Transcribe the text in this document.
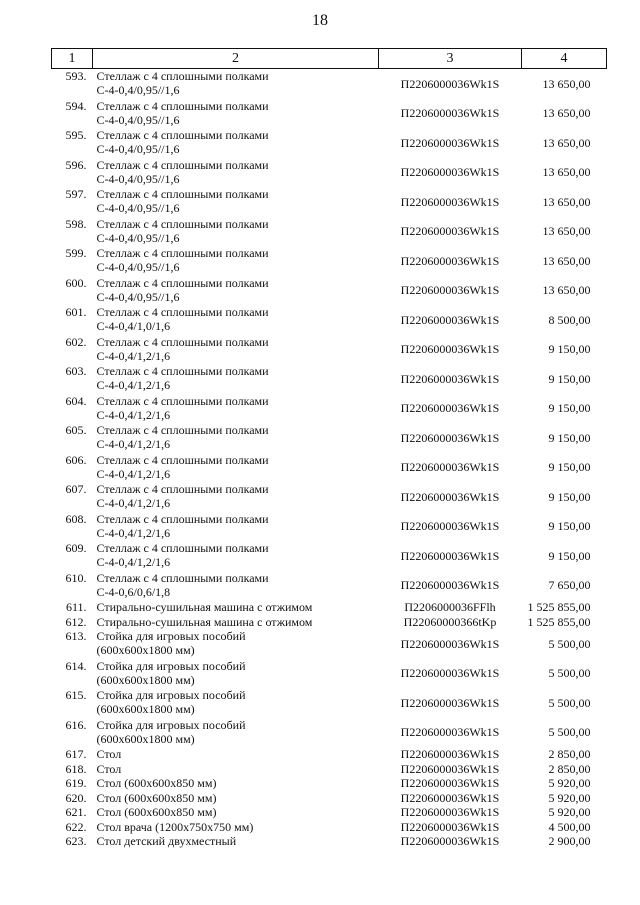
18
1	2	3	4
593.	Стеллаж с 4 сплошными полками
С-4-0,4/0,95//1,6	П2206000036Wk1S	13 650,00
594.	Стеллаж с 4 сплошными полками
С-4-0,4/0,95//1,6	П2206000036Wk1S	13 650,00
595.	Стеллаж с 4 сплошными полками
С-4-0,4/0,95//1,6	П2206000036Wk1S	13 650,00
596.	Стеллаж с 4 сплошными полками
С-4-0,4/0,95//1,6	П2206000036Wk1S	13 650,00
597.	Стеллаж с 4 сплошными полками
С-4-0,4/0,95//1,6	П2206000036Wk1S	13 650,00
598.	Стеллаж с 4 сплошными полками
С-4-0,4/0,95//1,6	П2206000036Wk1S	13 650,00
599.	Стеллаж с 4 сплошными полками
С-4-0,4/0,95//1,6	П2206000036Wk1S	13 650,00
600.	Стеллаж с 4 сплошными полками
С-4-0,4/0,95//1,6	П2206000036Wk1S	13 650,00
601.	Стеллаж с 4 сплошными полками
С-4-0,4/1,0/1,6	П2206000036Wk1S	8 500,00
602.	Стеллаж с 4 сплошными полками
С-4-0,4/1,2/1,6	П2206000036Wk1S	9 150,00
603.	Стеллаж с 4 сплошными полками
С-4-0,4/1,2/1,6	П2206000036Wk1S	9 150,00
604.	Стеллаж с 4 сплошными полками
С-4-0,4/1,2/1,6	П2206000036Wk1S	9 150,00
605.	Стеллаж с 4 сплошными полками
С-4-0,4/1,2/1,6	П2206000036Wk1S	9 150,00
606.	Стеллаж с 4 сплошными полками
С-4-0,4/1,2/1,6	П2206000036Wk1S	9 150,00
607.	Стеллаж с 4 сплошными полками
С-4-0,4/1,2/1,6	П2206000036Wk1S	9 150,00
608.	Стеллаж с 4 сплошными полками
С-4-0,4/1,2/1,6	П2206000036Wk1S	9 150,00
609.	Стеллаж с 4 сплошными полками
С-4-0,4/1,2/1,6	П2206000036Wk1S	9 150,00
610.	Стеллаж с 4 сплошными полками
С-4-0,6/0,6/1,8	П2206000036Wk1S	7 650,00
611.	Стирально-сушильная машина с отжимом	П2206000036FFlh	1 525 855,00
612.	Стирально-сушильная машина с отжимом	П22060000366tKp	1 525 855,00
613.	Стойка для игровых пособий
(600x600x1800 мм)	П2206000036Wk1S	5 500,00
614.	Стойка для игровых пособий
(600x600x1800 мм)	П2206000036Wk1S	5 500,00
615.	Стойка для игровых пособий
(600x600x1800 мм)	П2206000036Wk1S	5 500,00
616.	Стойка для игровых пособий
(600x600x1800 мм)	П2206000036Wk1S	5 500,00
617.	Стол	П2206000036Wk1S	2 850,00
618.	Стол	П2206000036Wk1S	2 850,00
619.	Стол (600x600x850 мм)	П2206000036Wk1S	5 920,00
620.	Стол (600x600x850 мм)	П2206000036Wk1S	5 920,00
621.	Стол (600x600x850 мм)	П2206000036Wk1S	5 920,00
622.	Стол врача (1200x750x750 мм)	П2206000036Wk1S	4 500,00
623.	Стол детский двухместный	П2206000036Wk1S	2 900,00
